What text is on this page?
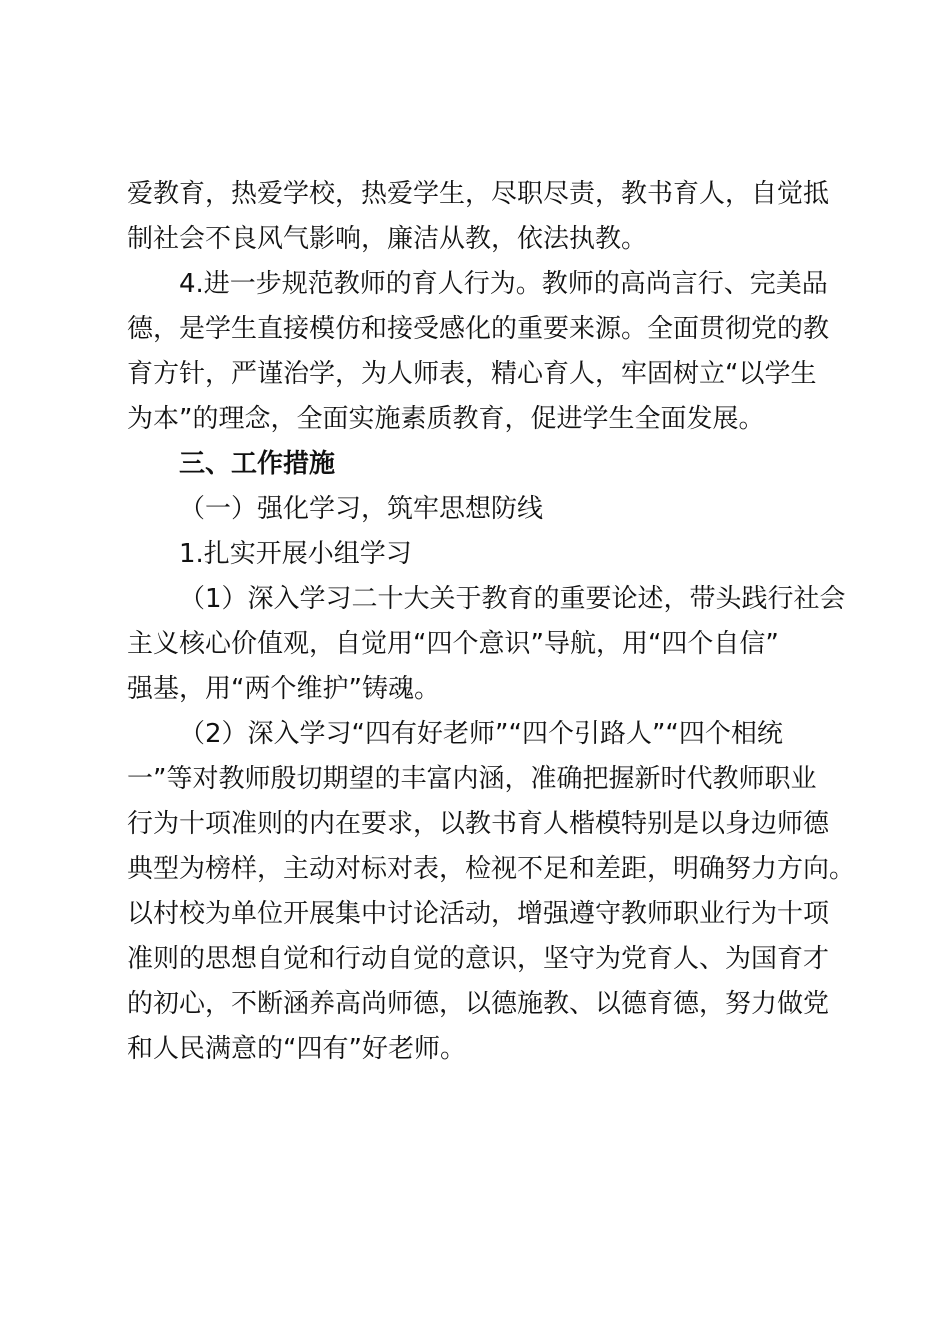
爱教育，热爱学校，热爱学生，尽职尽责，教书育人，自觉抵
制社会不良风气影响，廉洁从教，依法执教。
4.进一步规范教师的育人行为。教师的高尚言行、完美品
德，是学生直接模仿和接受感化的重要来源。全面贯彻党的教
育方针，严谨治学，为人师表，精心育人，牢固树立“以学生
为本”的理念，全面实施素质教育，促进学生全面发展。
三、工作措施
（一）强化学习，筑牢思想防线
1.扎实开展小组学习
（1）深入学习二十大关于教育的重要论述，带头践行社会
主义核心价值观，自觉用“四个意识”导航，用“四个自信”
强基，用“两个维护”铸魂。
（2）深入学习“四有好老师”“四个引路人”“四个相统
一”等对教师殷切期望的丰富内涵，准确把握新时代教师职业
行为十项准则的内在要求，以教书育人楷模特别是以身边师德
典型为榜样，主动对标对表，检视不足和差距，明确努力方向。
以村校为单位开展集中讨论活动，增强遵守教师职业行为十项
准则的思想自觉和行动自觉的意识，坚守为党育人、为国育才
的初心，不断涵养高尚师德，以德施教、以德育德，努力做党
和人民满意的“四有”好老师。
